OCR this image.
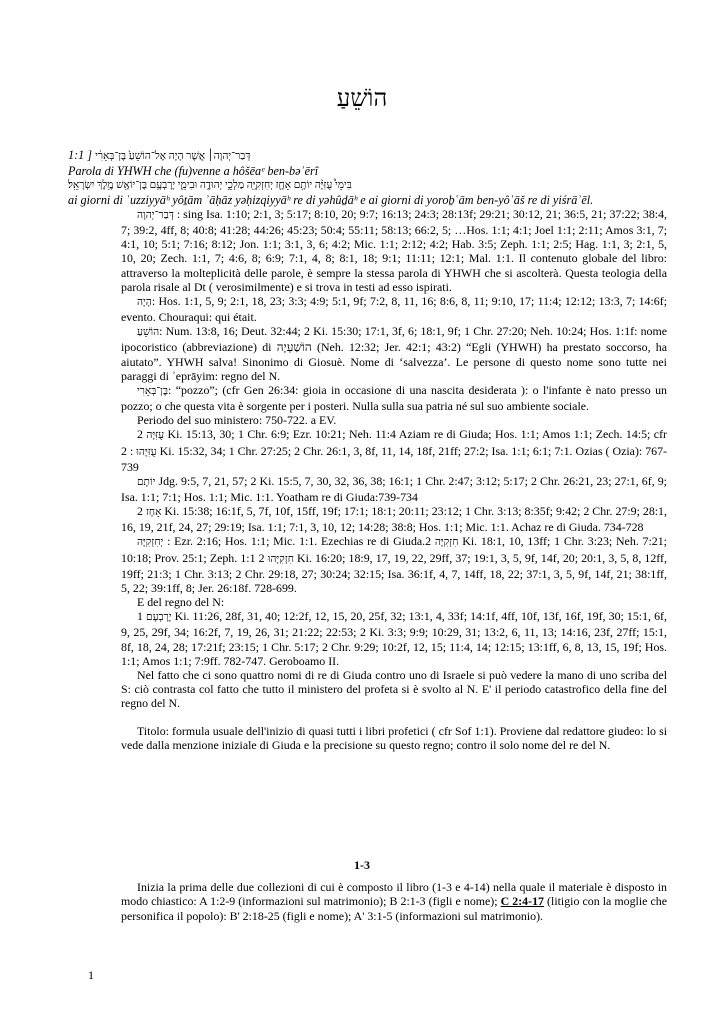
הוֹשֵׁעַ
דְּבַר־יְהוָה׀ אֲשֶׁר הָיָה אֶל־הוֹשֵׁעַ֙ בֶּן־בְּאֵרִ֔י [ 1:1
Parola di YHWH che (fu)venne a hôšēaᵉ ben-bəʾērî
בִּימֵי֩ עֻזִּיָּ֨ה יוֹתָ֥ם אָחָ֛ז יְחִזְקִיָּ֖ה מַלְכֵ֣י יְהוּדָ֑ה וּבִימֵ֛י יָרָבְעָ֥ם בֶּן־יוֹאָ֖שׁ מֶ֥לֶךְ יִשְׂרָאֵֽל׃
ai giorni di ʿuzziyyāʰ yôṯām ʾāḥāz yəḥizqiyyāʰ re di yəhûḏāʰ e ai giorni di yoroḇʿām ben-yôʾāš re di yiśrāʾēl.

דְּבַר־יְהוָה : sing Isa. 1:10; 2:1, 3; 5:17; 8:10, 20; 9:7; 16:13; 24:3; 28:13f; 29:21; 30:12, 21; 36:5, 21; 37:22; 38:4, 7; 39:2, 4ff, 8; 40:8; 41:28; 44:26; 45:23; 50:4; 55:11; 58:13; 66:2, 5; …Hos. 1:1; 4:1; Joel 1:1; 2:11; Amos 3:1, 7; 4:1, 10; 5:1; 7:16; 8:12; Jon. 1:1; 3:1, 3, 6; 4:2; Mic. 1:1; 2:12; 4:2; Hab. 3:5; Zeph. 1:1; 2:5; Hag. 1:1, 3; 2:1, 5, 10, 20; Zech. 1:1, 7; 4:6, 8; 6:9; 7:1, 4, 8; 8:1, 18; 9:1; 11:11; 12:1; Mal. 1:1. Il contenuto globale del libro: attraverso la molteplicità delle parole, è sempre la stessa parola di YHWH che si ascolterà. Questa teologia della parola risale al Dt ( verosimilmente) e si trova in testi ad esso ispirati.

הָיָה: Hos. 1:1, 5, 9; 2:1, 18, 23; 3:3; 4:9; 5:1, 9f; 7:2, 8, 11, 16; 8:6, 8, 11; 9:10, 17; 11:4; 12:12; 13:3, 7; 14:6f; evento. Chouraqui: qui était.

הוֹשֵׁעַ: Num. 13:8, 16; Deut. 32:44; 2 Ki. 15:30; 17:1, 3f, 6; 18:1, 9f; 1 Chr. 27:20; Neh. 10:24; Hos. 1:1f: nome ipocoristico (abbreviazione) di הוֹשַׁעְיָה (Neh. 12:32; Jer. 42:1; 43:2) “Egli (YHWH) ha prestato soccorso, ha aiutato”. YHWH salva! Sinonimo di Giosuè. Nome di ‘salvezza’. Le persone di questo nome sono tutte nei paraggi di ʾeprāyim: regno del N.

בֶּן־בְּאֵרִי: “pozzo”; (cfr Gen 26:34: gioia in occasione di una nascita desiderata ): o l'infante è nato presso un pozzo; o che questa vita è sorgente per i posteri. Nulla sulla sua patria né sul suo ambiente sociale.

Periodo del suo ministero: 750-722. a EV.

עֻזִּיָּה 2 Ki. 15:13, 30; 1 Chr. 6:9; Ezr. 10:21; Neh. 11:4 Aziam re di Giuda; Hos. 1:1; Amos 1:1; Zech. 14:5; cfr עֻזִּיָּהוּ : 2 Ki. 15:32, 34; 1 Chr. 27:25; 2 Chr. 26:1, 3, 8f, 11, 14, 18f, 21ff; 27:2; Isa. 1:1; 6:1; 7:1. Ozias ( Ozia): 767-739

יוֹתָם Jdg. 9:5, 7, 21, 57; 2 Ki. 15:5, 7, 30, 32, 36, 38; 16:1; 1 Chr. 2:47; 3:12; 5:17; 2 Chr. 26:21, 23; 27:1, 6f, 9; Isa. 1:1; 7:1; Hos. 1:1; Mic. 1:1. Yoatham re di Giuda:739-734

אָחָז 2 Ki. 15:38; 16:1f, 5, 7f, 10f, 15ff, 19f; 17:1; 18:1; 20:11; 23:12; 1 Chr. 3:13; 8:35f; 9:42; 2 Chr. 27:9; 28:1, 16, 19, 21f, 24, 27; 29:19; Isa. 1:1; 7:1, 3, 10, 12; 14:28; 38:8; Hos. 1:1; Mic. 1:1. Achaz re di Giuda. 734-728

יְחִזְקִיָּה : Ezr. 2:16; Hos. 1:1; Mic. 1:1. Ezechias re di Giuda. חִזְקִיָּה 2 Ki. 18:1, 10, 13ff; 1 Chr. 3:23; Neh. 7:21; 10:18; Prov. 25:1; Zeph. 1:1 חִזְקִיָּהוּ 2 Ki. 16:20; 18:9, 17, 19, 22, 29ff, 37; 19:1, 3, 5, 9f, 14f, 20; 20:1, 3, 5, 8, 12ff, 19ff; 21:3; 1 Chr. 3:13; 2 Chr. 29:18, 27; 30:24; 32:15; Isa. 36:1f, 4, 7, 14ff, 18, 22; 37:1, 3, 5, 9f, 14f, 21; 38:1ff, 5, 22; 39:1ff, 8; Jer. 26:18f. 728-699.

E del regno del N:

יָרָבְעָם 1 Ki. 11:26, 28f, 31, 40; 12:2f, 12, 15, 20, 25f, 32; 13:1, 4, 33f; 14:1f, 4ff, 10f, 13f, 16f, 19f, 30; 15:1, 6f, 9, 25, 29f, 34; 16:2f, 7, 19, 26, 31; 21:22; 22:53; 2 Ki. 3:3; 9:9; 10:29, 31; 13:2, 6, 11, 13; 14:16, 23f, 27ff; 15:1, 8f, 18, 24, 28; 17:21f; 23:15; 1 Chr. 5:17; 2 Chr. 9:29; 10:2f, 12, 15; 11:4, 14; 12:15; 13:1ff, 6, 8, 13, 15, 19f; Hos. 1:1; Amos 1:1; 7:9ff. 782-747. Geroboamo II.

Nel fatto che ci sono quattro nomi di re di Giuda contro uno di Israele si può vedere la mano di uno scriba del S: ciò contrasta col fatto che tutto il ministero del profeta si è svolto al N. E' il periodo catastrofico della fine del regno del N.

Titolo: formula usuale dell'inizio di quasi tutti i libri profetici ( cfr Sof 1:1). Proviene dal redattore giudeo: lo si vede dalla menzione iniziale di Giuda e la precisione su questo regno; contro il solo nome del re del N.

1-3

Inizia la prima delle due collezioni di cui è composto il libro (1-3 e 4-14) nella quale il materiale è disposto in modo chiastico: A 1:2-9 (informazioni sul matrimonio); B 2:1-3 (figli e nome); C 2:4-17 (litigio con la moglie che personifica il popolo): B' 2:18-25 (figli e nome); A' 3:1-5 (informazioni sul matrimonio).

1
